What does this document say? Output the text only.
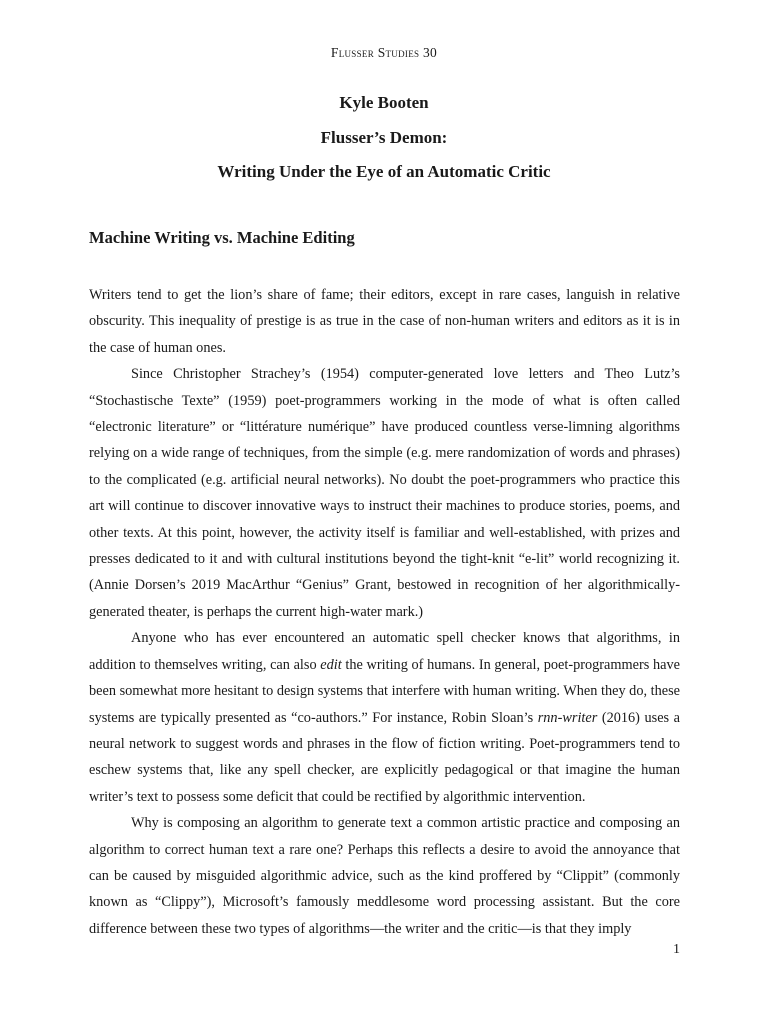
Flusser Studies 30
Kyle Booten
Flusser’s Demon:
Writing Under the Eye of an Automatic Critic
Machine Writing vs. Machine Editing

Writers tend to get the lion’s share of fame; their editors, except in rare cases, languish in relative obscurity. This inequality of prestige is as true in the case of non-human writers and editors as it is in the case of human ones.

Since Christopher Strachey’s (1954) computer-generated love letters and Theo Lutz’s “Stochastische Texte” (1959) poet-programmers working in the mode of what is often called “electronic literature” or “littérature numérique” have produced countless verse-limning algorithms relying on a wide range of techniques, from the simple (e.g. mere randomization of words and phrases) to the complicated (e.g. artificial neural networks). No doubt the poet-programmers who practice this art will continue to discover innovative ways to instruct their machines to produce stories, poems, and other texts. At this point, however, the activity itself is familiar and well-established, with prizes and presses dedicated to it and with cultural institutions beyond the tight-knit “e-lit” world recognizing it. (Annie Dorsen’s 2019 MacArthur “Genius” Grant, bestowed in recognition of her algorithmically-generated theater, is perhaps the current high-water mark.)

Anyone who has ever encountered an automatic spell checker knows that algorithms, in addition to themselves writing, can also edit the writing of humans. In general, poet-programmers have been somewhat more hesitant to design systems that interfere with human writing. When they do, these systems are typically presented as “co-authors.” For instance, Robin Sloan’s rnn-writer (2016) uses a neural network to suggest words and phrases in the flow of fiction writing. Poet-programmers tend to eschew systems that, like any spell checker, are explicitly pedagogical or that imagine the human writer’s text to possess some deficit that could be rectified by algorithmic intervention.

Why is composing an algorithm to generate text a common artistic practice and composing an algorithm to correct human text a rare one? Perhaps this reflects a desire to avoid the annoyance that can be caused by misguided algorithmic advice, such as the kind proffered by “Clippit” (commonly known as “Clippy”), Microsoft’s famously meddlesome word processing assistant. But the core difference between these two types of algorithms—the writer and the critic—is that they imply

1
